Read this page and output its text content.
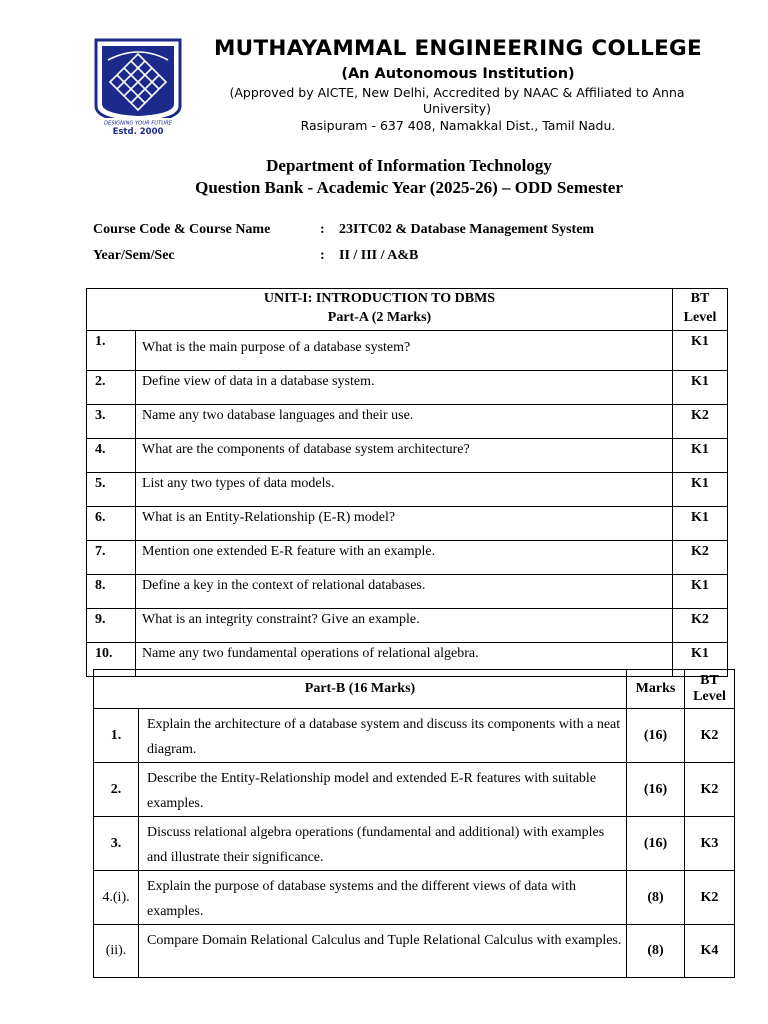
DESIGNING YOUR FUTURE
Estd. 2000
MUTHAYAMMAL ENGINEERING COLLEGE
(An Autonomous Institution)
(Approved by AICTE, New Delhi, Accredited by NAAC & Affiliated to Anna University)
Rasipuram - 637 408, Namakkal Dist., Tamil Nadu.
Department of Information Technology
Question Bank - Academic Year (2025-26) – ODD Semester
Course Code & Course Name	: 23ITC02 & Database Management System
Year/Sem/Sec	: II / III / A&B
UNIT-I: INTRODUCTION TO DBMS
Part-A (2 Marks)		BT Level
1.	What is the main purpose of a database system?	K1
2.	Define view of data in a database system.	K1
3.	Name any two database languages and their use.	K2
4.	What are the components of database system architecture?	K1
5.	List any two types of data models.	K1
6.	What is an Entity-Relationship (E-R) model?	K1
7.	Mention one extended E-R feature with an example.	K2
8.	Define a key in the context of relational databases.	K1
9.	What is an integrity constraint? Give an example.	K2
10.	Name any two fundamental operations of relational algebra.	K1
Part-B (16 Marks)		Marks	BT Level
1.	Explain the architecture of a database system and discuss its components with a neat diagram.	(16)	K2
2.	Describe the Entity-Relationship model and extended E-R features with suitable examples.	(16)	K2
3.	Discuss relational algebra operations (fundamental and additional) with examples and illustrate their significance.	(16)	K3
4.(i).	Explain the purpose of database systems and the different views of data with examples.	(8)	K2
(ii).	Compare Domain Relational Calculus and Tuple Relational Calculus with examples.	(8)	K4
